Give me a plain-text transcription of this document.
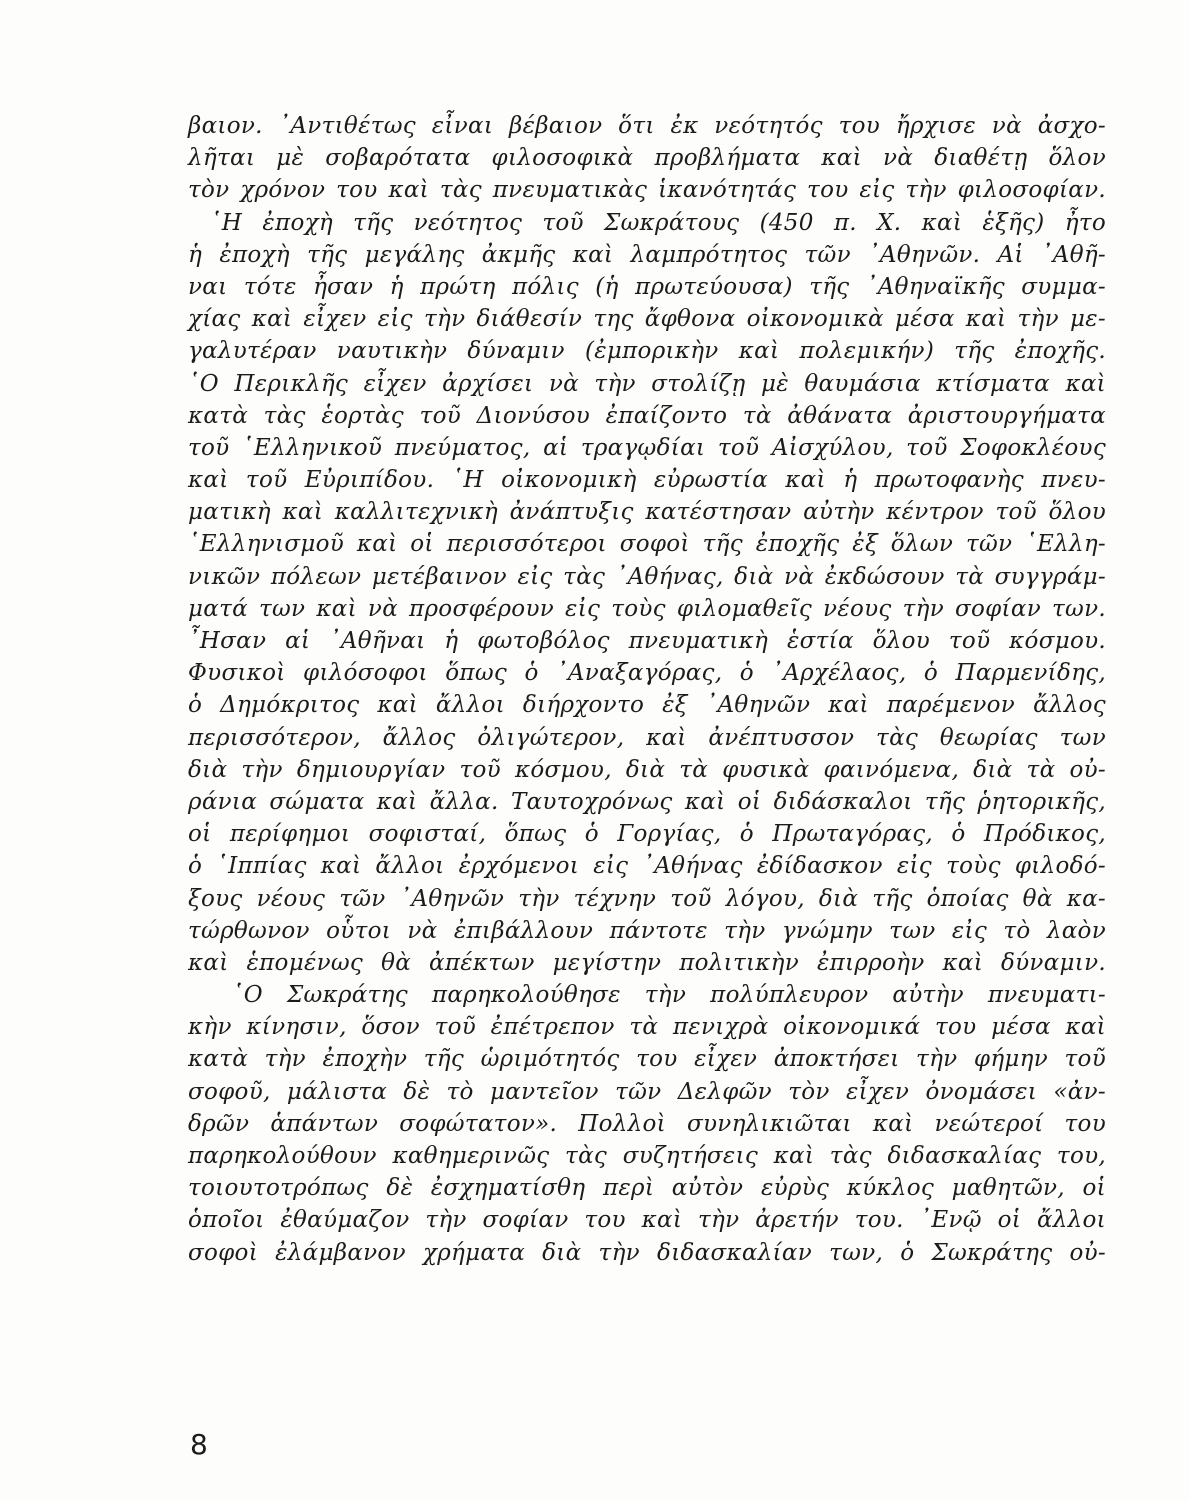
βαιον. ᾿Αντιθέτως εἶναι βέβαιον ὅτι ἐκ νεότητός του ἤρχισε νὰ ἀσχο-
λῆται μὲ σοβαρότατα φιλοσοφικὰ προβλήματα καὶ νὰ διαθέτῃ ὅλον
τὸν χρόνον του καὶ τὰς πνευματικὰς ἱκανότητάς του εἰς τὴν φιλοσοφίαν.
῾Η ἐποχὴ τῆς νεότητος τοῦ Σωκράτους (450 π. Χ. καὶ ἑξῆς) ἦτο
ἡ ἐποχὴ τῆς μεγάλης ἀκμῆς καὶ λαμπρότητος τῶν ᾿Αθηνῶν. Αἱ ᾿Αθῆ-
ναι τότε ἦσαν ἡ πρώτη πόλις (ἡ πρωτεύουσα) τῆς ᾿Αθηναϊκῆς συμμα-
χίας καὶ εἶχεν εἰς τὴν διάθεσίν της ἄφθονα οἰκονομικὰ μέσα καὶ τὴν με-
γαλυτέραν ναυτικὴν δύναμιν (ἐμπορικὴν καὶ πολεμικήν) τῆς ἐποχῆς.
῾Ο Περικλῆς εἶχεν ἀρχίσει νὰ τὴν στολίζῃ μὲ θαυμάσια κτίσματα καὶ
κατὰ τὰς ἑορτὰς τοῦ Διονύσου ἐπαίζοντο τὰ ἀθάνατα ἀριστουργήματα
τοῦ ῾Ελληνικοῦ πνεύματος, αἱ τραγῳδίαι τοῦ Αἰσχύλου, τοῦ Σοφοκλέους
καὶ τοῦ Εὐριπίδου. ῾Η οἰκονομικὴ εὐρωστία καὶ ἡ πρωτοφανὴς πνευ-
ματικὴ καὶ καλλιτεχνικὴ ἀνάπτυξις κατέστησαν αὐτὴν κέντρον τοῦ ὅλου
῾Ελληνισμοῦ καὶ οἱ περισσότεροι σοφοὶ τῆς ἐποχῆς ἐξ ὅλων τῶν ῾Ελλη-
νικῶν πόλεων μετέβαινον εἰς τὰς ᾿Αθήνας, διὰ νὰ ἐκδώσουν τὰ συγγράμ-
ματά των καὶ νὰ προσφέρουν εἰς τοὺς φιλομαθεῖς νέους τὴν σοφίαν των.
῏Ησαν αἱ ᾿Αθῆναι ἡ φωτοβόλος πνευματικὴ ἑστία ὅλου τοῦ κόσμου.
Φυσικοὶ φιλόσοφοι ὅπως ὁ ᾿Αναξαγόρας, ὁ ᾿Αρχέλαος, ὁ Παρμενίδης,
ὁ Δημόκριτος καὶ ἄλλοι διήρχοντο ἐξ ᾿Αθηνῶν καὶ παρέμενον ἄλλος
περισσότερον, ἄλλος ὀλιγώτερον, καὶ ἀνέπτυσσον τὰς θεωρίας των
διὰ τὴν δημιουργίαν τοῦ κόσμου, διὰ τὰ φυσικὰ φαινόμενα, διὰ τὰ οὐ-
ράνια σώματα καὶ ἄλλα. Ταυτοχρόνως καὶ οἱ διδάσκαλοι τῆς ῥητορικῆς,
οἱ περίφημοι σοφισταί, ὅπως ὁ Γοργίας, ὁ Πρωταγόρας, ὁ Πρόδικος,
ὁ ῾Ιππίας καὶ ἄλλοι ἐρχόμενοι εἰς ᾿Αθήνας ἐδίδασκον εἰς τοὺς φιλοδό-
ξους νέους τῶν ᾿Αθηνῶν τὴν τέχνην τοῦ λόγου, διὰ τῆς ὁποίας θὰ κα-
τώρθωνον οὗτοι νὰ ἐπιβάλλουν πάντοτε τὴν γνώμην των εἰς τὸ λαὸν
καὶ ἑπομένως θὰ ἀπέκτων μεγίστην πολιτικὴν ἐπιρροὴν καὶ δύναμιν.
῾Ο Σωκράτης παρηκολούθησε τὴν πολύπλευρον αὐτὴν πνευματι-
κὴν κίνησιν, ὅσον τοῦ ἐπέτρεπον τὰ πενιχρὰ οἰκονομικά του μέσα καὶ
κατὰ τὴν ἐποχὴν τῆς ὡριμότητός του εἶχεν ἀποκτήσει τὴν φήμην τοῦ
σοφοῦ, μάλιστα δὲ τὸ μαντεῖον τῶν Δελφῶν τὸν εἶχεν ὀνομάσει «ἀν-
δρῶν ἁπάντων σοφώτατον». Πολλοὶ συνηλικιῶται καὶ νεώτεροί του
παρηκολούθουν καθημερινῶς τὰς συζητήσεις καὶ τὰς διδασκαλίας του,
τοιουτοτρόπως δὲ ἐσχηματίσθη περὶ αὐτὸν εὐρὺς κύκλος μαθητῶν, οἱ
ὁποῖοι ἐθαύμαζον τὴν σοφίαν του καὶ τὴν ἀρετήν του. ᾿Ενῷ οἱ ἄλλοι
σοφοὶ ἐλάμβανον χρήματα διὰ τὴν διδασκαλίαν των, ὁ Σωκράτης οὐ-
8
